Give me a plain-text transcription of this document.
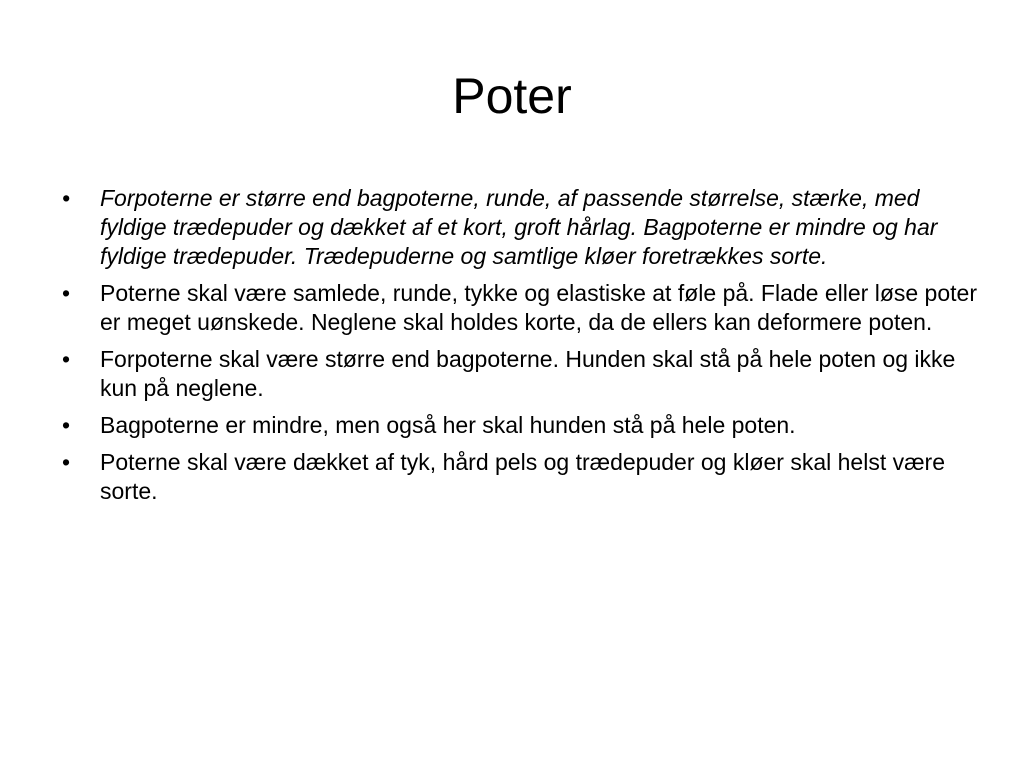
Poter
• Forpoterne er større end bagpoterne, runde, af passende størrelse, stærke, med fyldige trædepuder og dækket af et kort, groft hårlag. Bagpoterne er mindre og har fyldige trædepuder. Trædepuderne og samtlige kløer foretrækkes sorte.
• Poterne skal være samlede, runde, tykke og elastiske at føle på. Flade eller løse poter er meget uønskede. Neglene skal holdes korte, da de ellers kan deformere poten.
• Forpoterne skal være større end bagpoterne. Hunden skal stå på hele poten og ikke kun på neglene.
• Bagpoterne er mindre, men også her skal hunden stå på hele poten.
• Poterne skal være dækket af tyk, hård pels og trædepuder og kløer skal helst være sorte.
